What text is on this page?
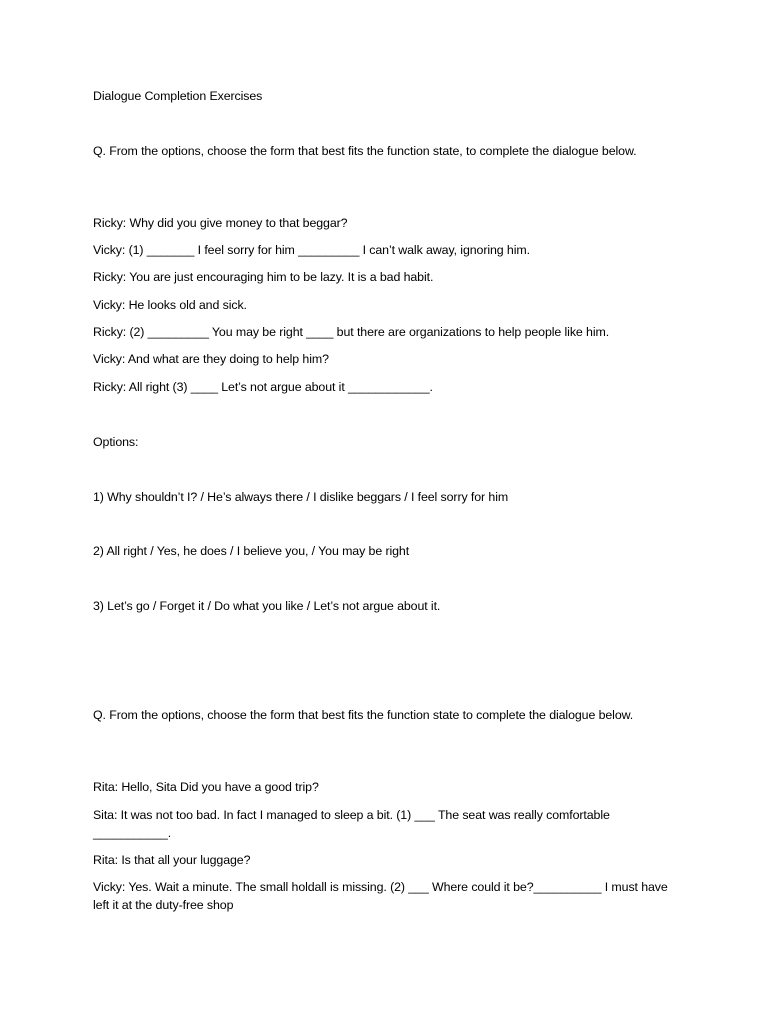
Dialogue Completion Exercises
Q. From the options, choose the form that best fits the function state, to complete the dialogue below.
Ricky: Why did you give money to that beggar?
Vicky: (1) _______ I feel sorry for him _________ I can’t walk away, ignoring him.
Ricky: You are just encouraging him to be lazy. It is a bad habit.
Vicky: He looks old and sick.
Ricky: (2) _________ You may be right ____ but there are organizations to help people like him.
Vicky: And what are they doing to help him?
Ricky: All right (3) ____ Let’s not argue about it ____________.
Options:
1) Why shouldn’t I? / He’s always there / I dislike beggars / I feel sorry for him
2) All right / Yes, he does / I believe you, / You may be right
3) Let’s go / Forget it / Do what you like / Let’s not argue about it.
Q. From the options, choose the form that best fits the function state to complete the dialogue below.
Rita: Hello, Sita Did you have a good trip?
Sita: It was not too bad. In fact I managed to sleep a bit. (1) ___ The seat was really comfortable ___________.
Rita: Is that all your luggage?
Vicky: Yes. Wait a minute. The small holdall is missing. (2) ___ Where could it be?__________ I must have left it at the duty-free shop
